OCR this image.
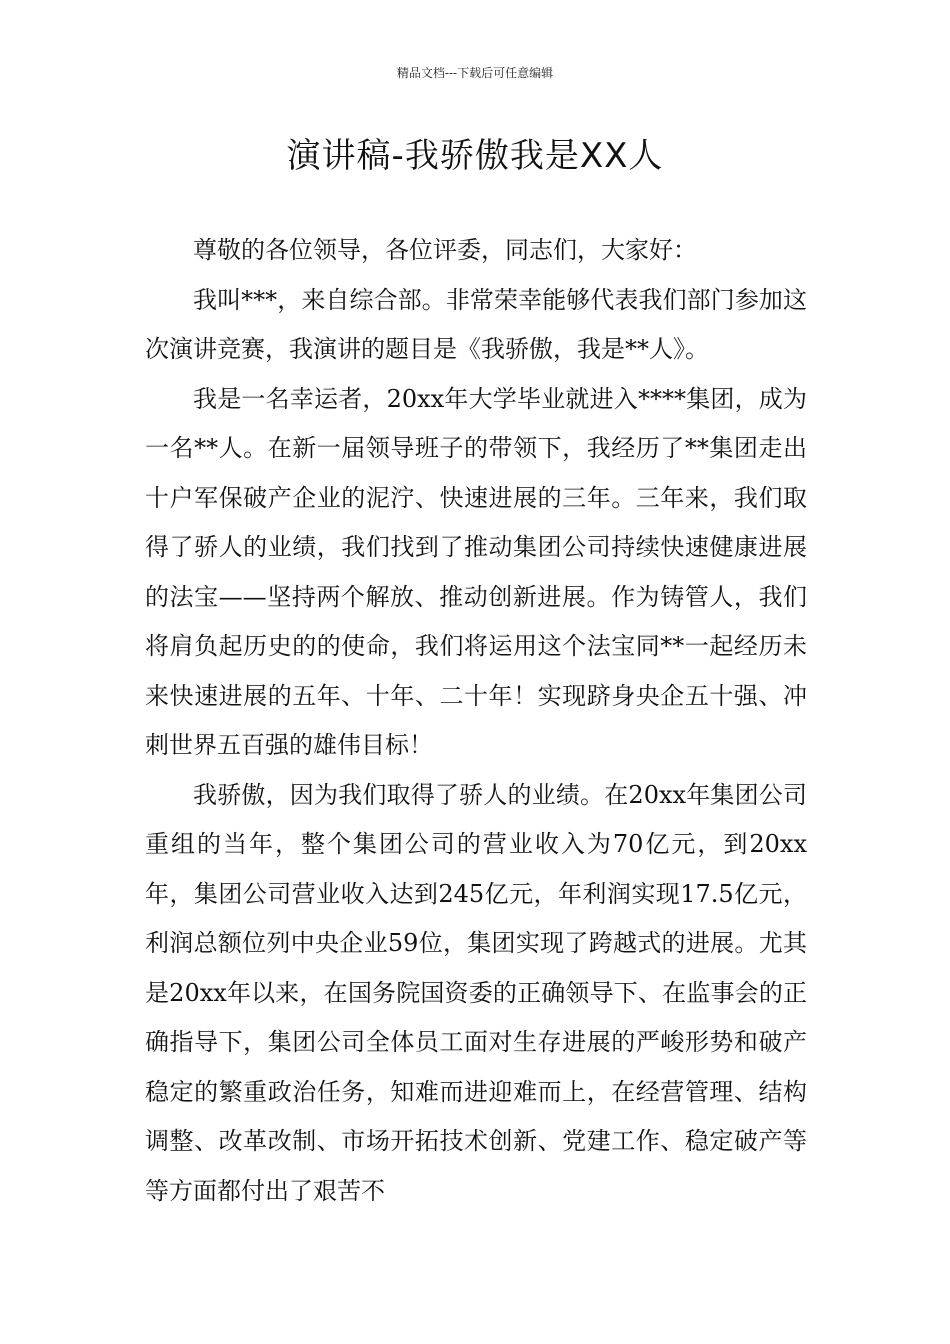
精品文档---下载后可任意编辑
演讲稿-我骄傲我是XX人

尊敬的各位领导，各位评委，同志们，大家好：

我叫***，来自综合部。非常荣幸能够代表我们部门参加这次演讲竞赛，我演讲的题目是《我骄傲，我是**人》。

我是一名幸运者，20xx年大学毕业就进入****集团，成为一名**人。在新一届领导班子的带领下，我经历了**集团走出十户军保破产企业的泥泞、快速进展的三年。三年来，我们取得了骄人的业绩，我们找到了推动集团公司持续快速健康进展的法宝——坚持两个解放、推动创新进展。作为铸管人，我们将肩负起历史的的使命，我们将运用这个法宝同**一起经历未来快速进展的五年、十年、二十年！实现跻身央企五十强、冲刺世界五百强的雄伟目标！

我骄傲，因为我们取得了骄人的业绩。在20xx年集团公司重组的当年，整个集团公司的营业收入为70亿元，到20xx年，集团公司营业收入达到245亿元，年利润实现17.5亿元，利润总额位列中央企业59位，集团实现了跨越式的进展。尤其是20xx年以来，在国务院国资委的正确领导下、在监事会的正确指导下，集团公司全体员工面对生存进展的严峻形势和破产稳定的繁重政治任务，知难而进迎难而上，在经营管理、结构调整、改革改制、市场开拓技术创新、党建工作、稳定破产等等方面都付出了艰苦不
